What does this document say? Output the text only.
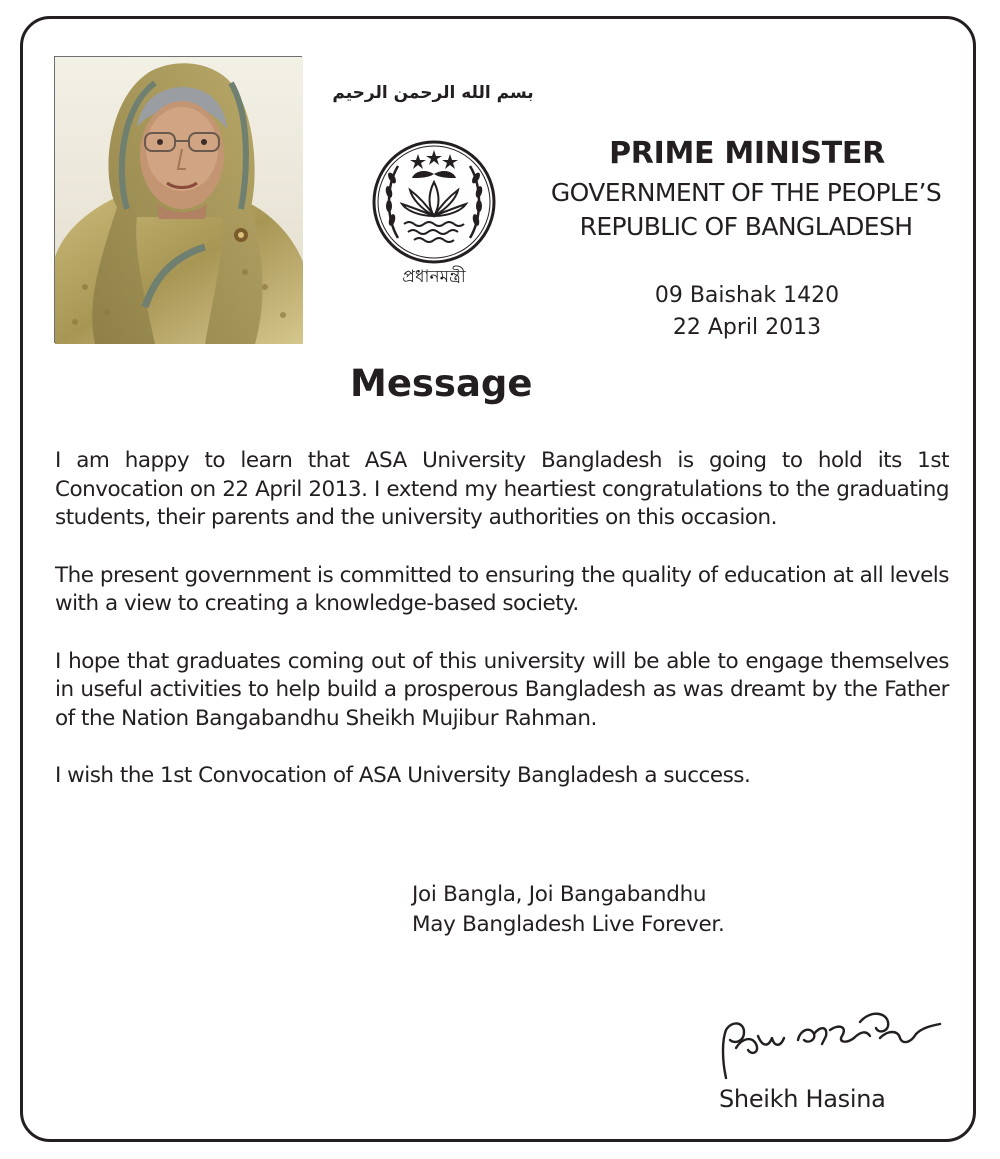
بسم الله الرحمن الرحيم
প্রধানমন্ত্রী
PRIME MINISTER
GOVERNMENT OF THE PEOPLE’S
REPUBLIC OF BANGLADESH
09 Baishak 1420
22 April 2013
Message

I am happy to learn that ASA University Bangladesh is going to hold its 1st Convocation on 22 April 2013. I extend my heartiest congratulations to the graduating students, their parents and the university authorities on this occasion.

The present government is committed to ensuring the quality of education at all levels with a view to creating a knowledge-based society.

I hope that graduates coming out of this university will be able to engage themselves in useful activities to help build a prosperous Bangladesh as was dreamt by the Father of the Nation Bangabandhu Sheikh Mujibur Rahman.

I wish the 1st Convocation of ASA University Bangladesh a success.

Joi Bangla, Joi Bangabandhu
May Bangladesh Live Forever.
শেখ হাসিনা
Sheikh Hasina
